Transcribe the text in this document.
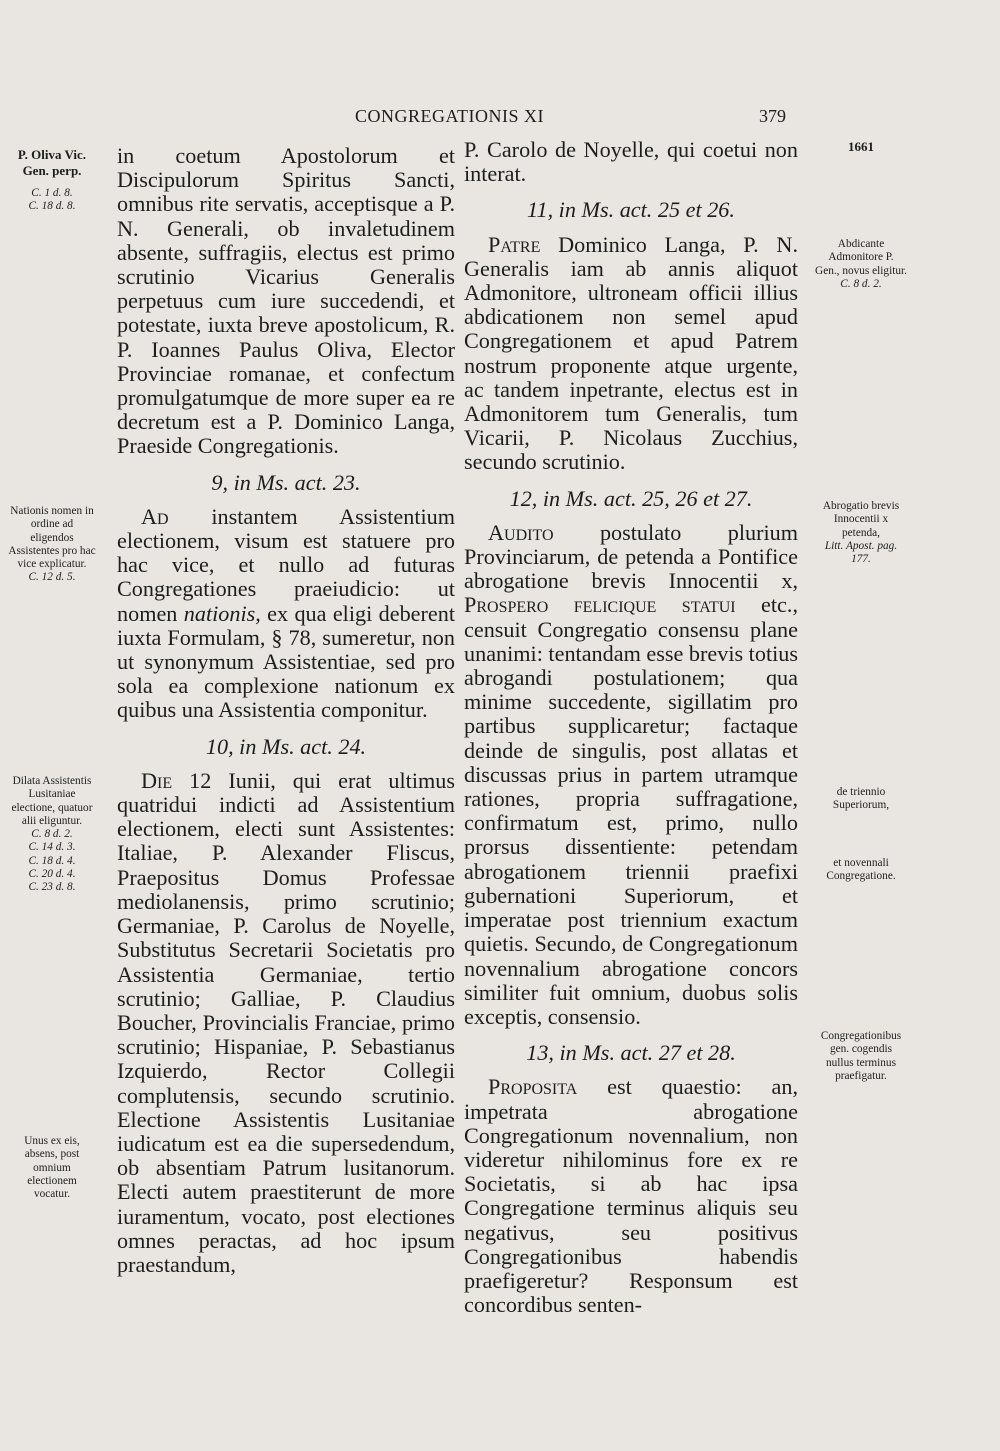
CONGREGATIONIS XI	379
P. Oliva Vic. Gen. perp.
C. 1 d. 8.
C. 18 d. 8.
Nationis nomen in ordine ad eligendos Assistentes pro hac vice explicatur.
C. 12 d. 5.
Dilata Assistentis Lusitaniae electione, quatuor alii eliguntur.
C. 8 d. 2.
C. 14 d. 3.
C. 18 d. 4.
C. 20 d. 4.
C. 23 d. 8.
Unus ex eis, absens, post omnium electionem vocatur.
1661
Abdicante Admonitore P. Gen., novus eligitur.
C. 8 d. 2.
Abrogatio brevis Innocentii x petenda,
Litt. Apost. pag. 177.
de triennio Superiorum,
et novennali Congregatione.
Congregationibus gen. cogendis nullus terminus praefigatur.
in coetum Apostolorum et Discipulorum Spiritus Sancti, omnibus rite servatis, acceptisque a P. N. Generali, ob invaletudinem absente, suffragiis, electus est primo scrutinio Vicarius Generalis perpetuus cum iure succedendi, et potestate, iuxta breve apostolicum, R. P. Ioannes Paulus Oliva, Elector Provinciae romanae, et confectum promulgatumque de more super ea re decretum est a P. Dominico Langa, Praeside Congregationis.
9, in Ms. act. 23.
Ad instantem Assistentium electionem, visum est statuere pro hac vice, et nullo ad futuras Congregationes praeiudicio: ut nomen nationis, ex qua eligi deberent iuxta Formulam, § 78, sumeretur, non ut synonymum Assistentiae, sed pro sola ea complexione nationum ex quibus una Assistentia componitur.
10, in Ms. act. 24.
Die 12 Iunii, qui erat ultimus quatridui indicti ad Assistentium electionem, electi sunt Assistentes: Italiae, P. Alexander Fliscus, Praepositus Domus Professae mediolanensis, primo scrutinio; Germaniae, P. Carolus de Noyelle, Substitutus Secretarii Societatis pro Assistentia Germaniae, tertio scrutinio; Galliae, P. Claudius Boucher, Provincialis Franciae, primo scrutinio; Hispaniae, P. Sebastianus Izquierdo, Rector Collegii complutensis, secundo scrutinio. Electione Assistentis Lusitaniae iudicatum est ea die supersedendum, ob absentiam Patrum lusitanorum. Electi autem praestiterunt de more iuramentum, vocato, post electiones omnes peractas, ad hoc ipsum praestandum,
P. Carolo de Noyelle, qui coetui non interat.
11, in Ms. act. 25 et 26.
Patre Dominico Langa, P. N. Generalis iam ab annis aliquot Admonitore, ultroneam officii illius abdicationem non semel apud Congregationem et apud Patrem nostrum proponente atque urgente, ac tandem inpetrante, electus est in Admonitorem tum Generalis, tum Vicarii, P. Nicolaus Zucchius, secundo scrutinio.
12, in Ms. act. 25, 26 et 27.
Audito postulato plurium Provinciarum, de petenda a Pontifice abrogatione brevis Innocentii x, Prospero felicique statui etc., censuit Congregatio consensu plane unanimi: tentandam esse brevis totius abrogandi postulationem; qua minime succedente, sigillatim pro partibus supplicaretur; factaque deinde de singulis, post allatas et discussas prius in partem utramque rationes, propria suffragatione, confirmatum est, primo, nullo prorsus dissentiente: petendam abrogationem triennii praefixi gubernationi Superiorum, et imperatae post triennium exactum quietis. Secundo, de Congregationum novennalium abrogatione concors similiter fuit omnium, duobus solis exceptis, consensio.
13, in Ms. act. 27 et 28.
Proposita est quaestio: an, impetrata abrogatione Congregationum novennalium, non videretur nihilominus fore ex re Societatis, si ab hac ipsa Congregatione terminus aliquis seu negativus, seu positivus Congregationibus habendis praefigeretur? Responsum est concordibus senten-
